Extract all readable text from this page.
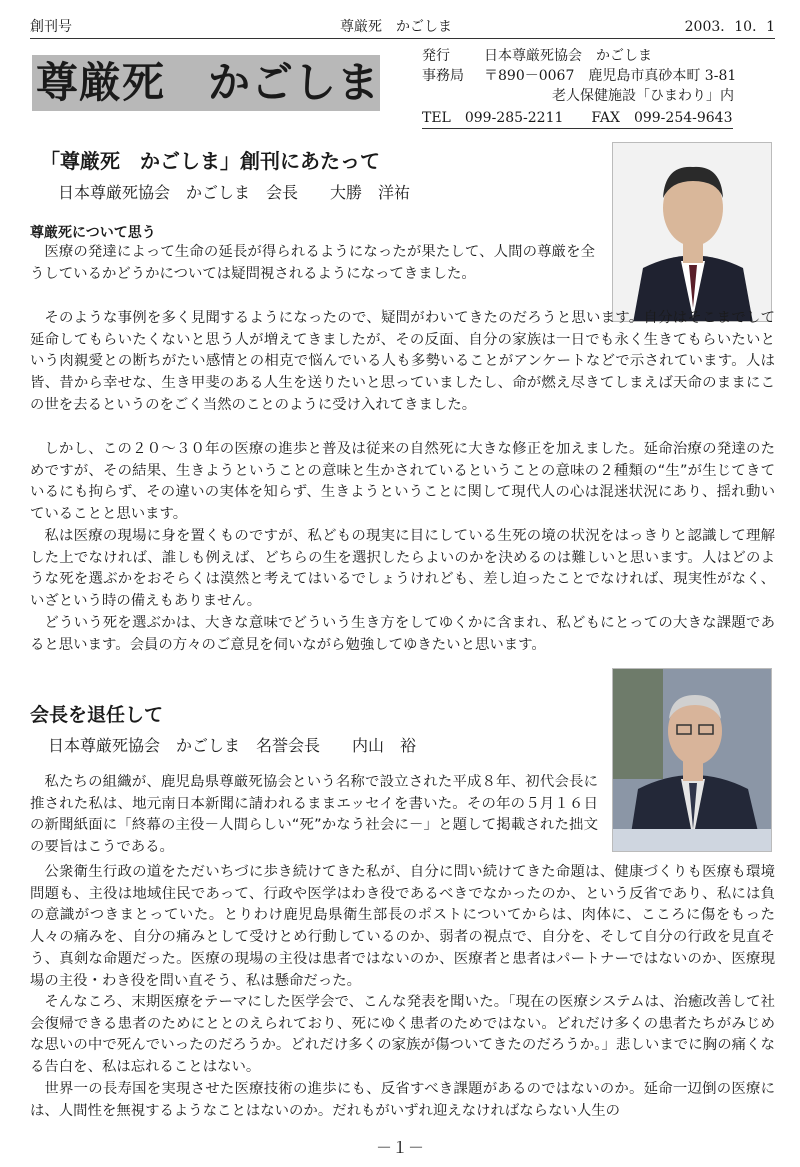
創刊号	尊厳死　かごしま	2003．10．1
尊厳死　かごしま
発行	日本尊厳死協会　かごしま
事務局	〒890－0067　鹿児島市真砂本町 3-81
老人保健施設「ひまわり」内
TEL　099-285-2211　　FAX　099-254-9643
「尊厳死　かごしま」創刊にあたって
日本尊厳死協会　かごしま　会長　　大勝　洋祐
尊厳死について思う

医療の発達によって生命の延長が得られるようになったが果たして、人間の尊厳を全うしているかどうかについては疑問視されるようになってきました。

そのような事例を多く見聞するようになったので、疑問がわいてきたのだろうと思います。自分はそこまでして延命してもらいたくないと思う人が増えてきましたが、その反面、自分の家族は一日でも永く生きてもらいたいという肉親愛との断ちがたい感情との相克で悩んでいる人も多勢いることがアンケートなどで示されています。人は皆、昔から幸せな、生き甲斐のある人生を送りたいと思っていましたし、命が燃え尽きてしまえば天命のままにこの世を去るというのをごく当然のことのように受け入れてきました。

しかし、この２０～３０年の医療の進歩と普及は従来の自然死に大きな修正を加えました。延命治療の発達のためですが、その結果、生きようということの意味と生かされているということの意味の２種類の“生”が生じてきているにも拘らず、その違いの実体を知らず、生きようということに関して現代人の心は混迷状況にあり、揺れ動いていることと思います。

私は医療の現場に身を置くものですが、私どもの現実に目にしている生死の境の状況をはっきりと認識して理解した上でなければ、誰しも例えば、どちらの生を選択したらよいのかを決めるのは難しいと思います。人はどのような死を選ぶかをおそらくは漠然と考えてはいるでしょうけれども、差し迫ったことでなければ、現実性がなく、いざという時の備えもありません。

どういう死を選ぶかは、大きな意味でどういう生き方をしてゆくかに含まれ、私どもにとっての大きな課題であると思います。会員の方々のご意見を伺いながら勉強してゆきたいと思います。

会長を退任して
日本尊厳死協会　かごしま　名誉会長　　内山　裕

私たちの組織が、鹿児島県尊厳死協会という名称で設立された平成８年、初代会長に推された私は、地元南日本新聞に請われるままエッセイを書いた。その年の５月１６日の新聞紙面に「終幕の主役－人間らしい“死”かなう社会に－」と題して掲載された拙文の要旨はこうである。

公衆衛生行政の道をただいちづに歩き続けてきた私が、自分に問い続けてきた命題は、健康づくりも医療も環境問題も、主役は地域住民であって、行政や医学はわき役であるべきでなかったのか、という反省であり、私には負の意識がつきまとっていた。とりわけ鹿児島県衛生部長のポストについてからは、肉体に、こころに傷をもった人々の痛みを、自分の痛みとして受けとめ行動しているのか、弱者の視点で、自分を、そして自分の行政を見直そう、真剣な命題だった。医療の現場の主役は患者ではないのか、医療者と患者はパートナーではないのか、医療現場の主役・わき役を問い直そう、私は懸命だった。

そんなころ、末期医療をテーマにした医学会で、こんな発表を聞いた。「現在の医療システムは、治癒改善して社会復帰できる患者のためにととのえられており、死にゆく患者のためではない。どれだけ多くの患者たちがみじめな思いの中で死んでいったのだろうか。どれだけ多くの家族が傷ついてきたのだろうか。」悲しいまでに胸の痛くなる告白を、私は忘れることはない。

世界一の長寿国を実現させた医療技術の進歩にも、反省すべき課題があるのではないのか。延命一辺倒の医療には、人間性を無視するようなことはないのか。だれもがいずれ迎えなければならない人生の

－１－
